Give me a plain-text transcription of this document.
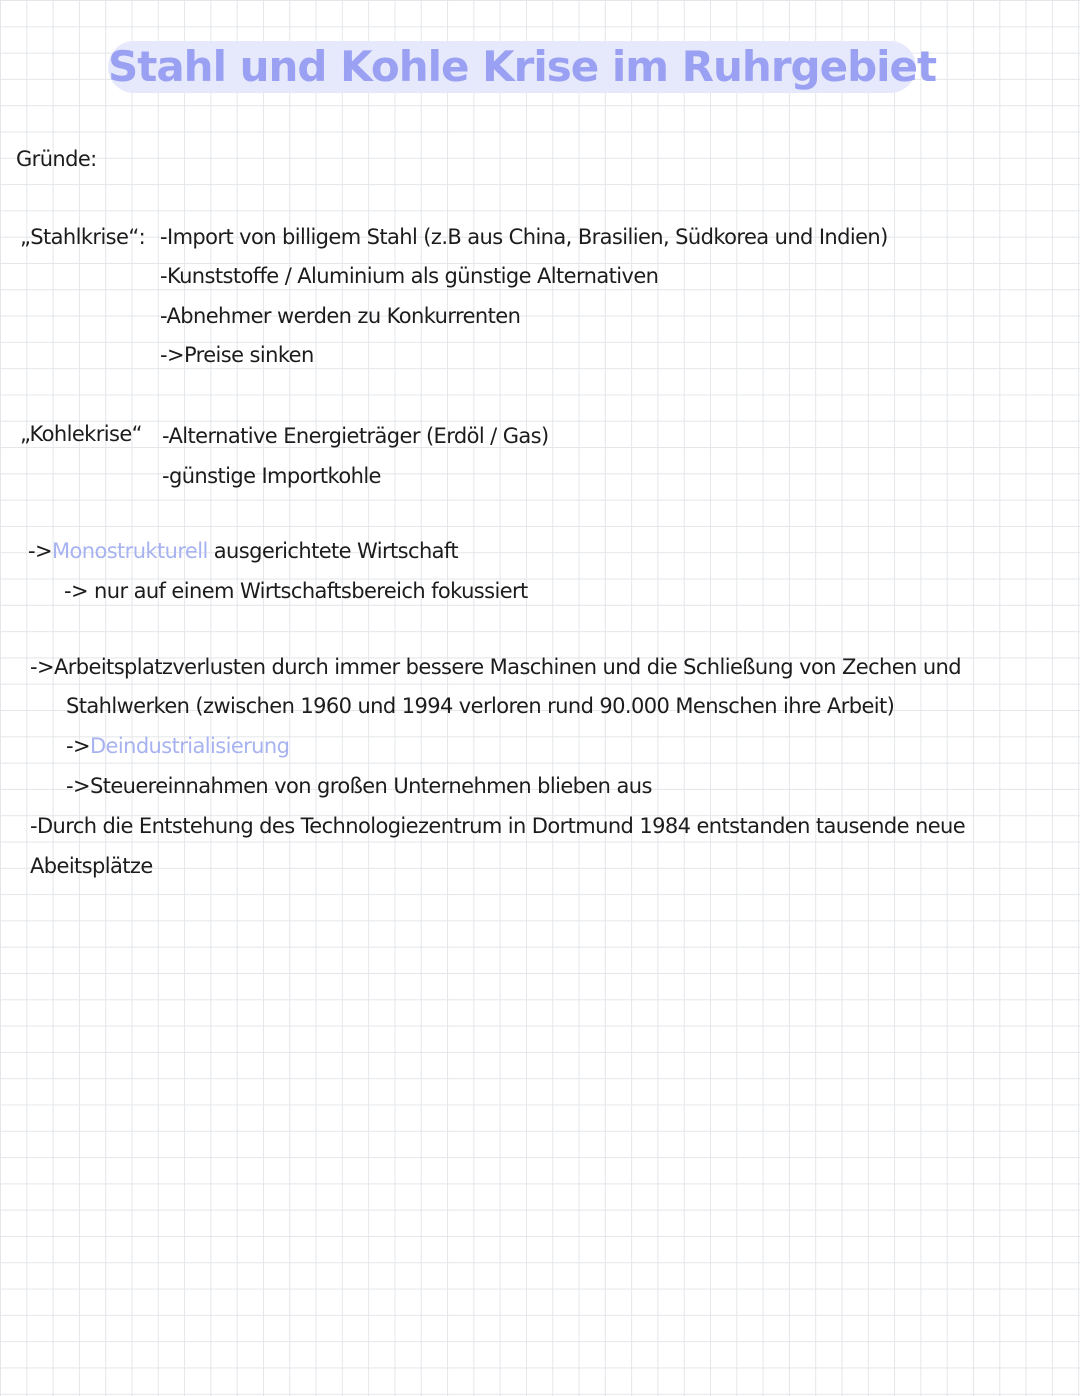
Stahl und Kohle Krise im Ruhrgebiet
Gründe:
„Stahlkrise“: -Import von billigem Stahl (z.B aus China, Brasilien, Südkorea und Indien)
-Kunststoffe / Aluminium als günstige Alternativen
-Abnehmer werden zu Konkurrenten
->Preise sinken
„Kohlekrise“ -Alternative Energieträger (Erdöl / Gas)
-günstige Importkohle
->Monostrukturell ausgerichtete Wirtschaft
-> nur auf einem Wirtschaftsbereich fokussiert
->Arbeitsplatzverlusten durch immer bessere Maschinen und die Schließung von Zechen und
Stahlwerken (zwischen 1960 und 1994 verloren rund 90.000 Menschen ihre Arbeit)
->Deindustrialisierung
->Steuereinnahmen von großen Unternehmen blieben aus
-Durch die Entstehung des Technologiezentrum in Dortmund 1984 entstanden tausende neue
Abeitsplätze
